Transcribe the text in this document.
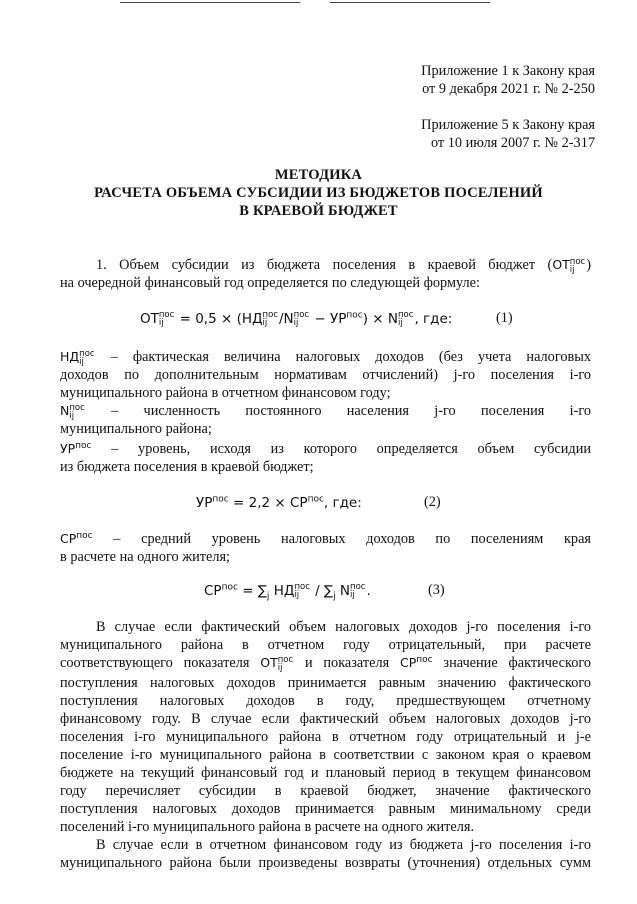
Приложение 1 к Закону края
от 9 декабря 2021 г. № 2-250
Приложение 5 к Закону края
от 10 июля 2007 г. № 2-317
МЕТОДИКА
РАСЧЕТА ОБЪЕМА СУБСИДИИ ИЗ БЮДЖЕТОВ ПОСЕЛЕНИЙ
В КРАЕВОЙ БЮДЖЕТ
1. Объем субсидии из бюджета поселения в краевой бюджет (ОТ пос
ij )
на очередной финансовый год определяется по следующей формуле:
ОТ пос
ij = 0,5 × (НД пос
ij /N пос
ij − $УР^{пос}) \times N$ пос
ij , где:	(1)
НД пос
ij – фактическая величина налоговых доходов (без учета налоговых
доходов по дополнительным нормативам отчислений) j-го поселения i-го
муниципального района в отчетном финансовом году;
N пос
ij – численность постоянного населения j-го поселения i-го
муниципального района;
$УР^{пос}$ – уровень, исходя из которого определяется объем субсидии
из бюджета поселения в краевой бюджет;
$УР^{пос} = 2,2 \times СР^{пос}$, где:	(2)
$СР^{пос}$ – средний уровень налоговых доходов по поселениям края
в расчете на одного жителя;
$СР^{пос} = \sum_j$ НД пос
ij / $\sum_j$ N пос
ij .	(3)
В случае если фактический объем налоговых доходов j-го поселения i-го
муниципального района в отчетном году отрицательный, при расчете
соответствующего показателя ОТ пос
ij	и показателя $СР^{пос}$ значение фактического
поступления налоговых доходов принимается равным значению фактического
поступления налоговых доходов в году, предшествующем отчетному
финансовому году. В случае если фактический объем налоговых доходов j-го
поселения i-го муниципального района в отчетном году отрицательный и j-е
поселение i-го муниципального района в соответствии с законом края о краевом
бюджете на текущий финансовый год и плановый период в текущем финансовом
году перечисляет субсидии в краевой бюджет, значение фактического
поступления налоговых доходов принимается равным минимальному среди
поселений i-го муниципального района в расчете на одного жителя.
В случае если в отчетном финансовом году из бюджета j-го поселения i-го
муниципального района были произведены возвраты (уточнения) отдельных сумм
